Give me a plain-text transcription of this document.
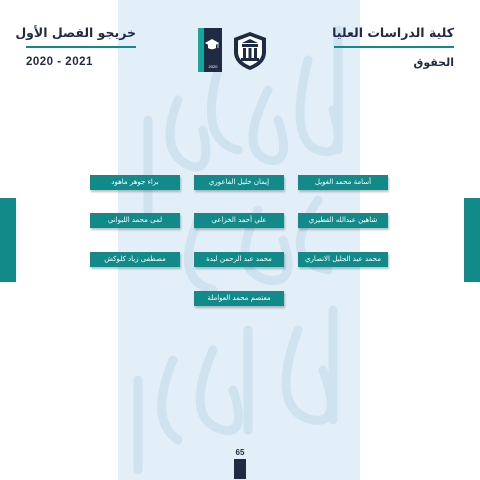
خريجو الفصل الأول
2020 - 2021
كلية الدراسات العليا
الحقوق
2020
أسامة محمد الغويل
إيمان خليل الفاعوري
براء جوهر ماهود
شاهين عبدالله القطيري
علي أحمد الخزاعي
لمى محمد اللبواني
محمد عبد الجليل الانصاري
محمد عبد الرحمن لبدة
مصطفى زياد كلوكش
معتصم محمد العواملة
65
